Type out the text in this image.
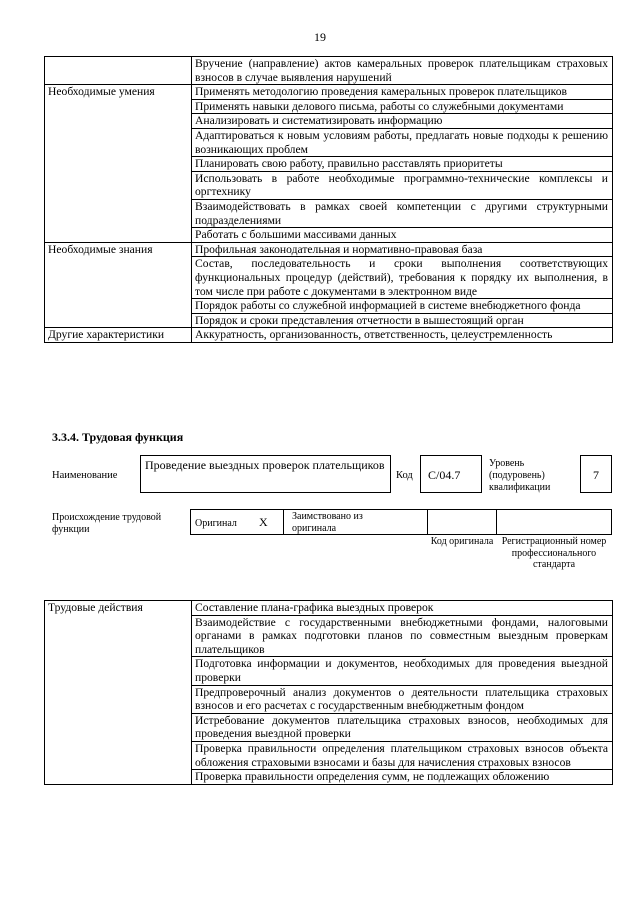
19
	Вручение (направление) актов камеральных проверок плательщикам страховых взносов в случае выявления нарушений
Необходимые умения	Применять методологию проведения камеральных проверок плательщиков
	Применять навыки делового письма, работы со служебными документами
	Анализировать и систематизировать информацию
	Адаптироваться к новым условиям работы, предлагать новые подходы к решению возникающих проблем
	Планировать свою работу, правильно расставлять приоритеты
	Использовать в работе необходимые программно-технические комплексы и оргтехнику
	Взаимодействовать в рамках своей компетенции с другими структурными подразделениями
	Работать с большими массивами данных
Необходимые знания	Профильная законодательная и нормативно-правовая база
	Состав, последовательность и сроки выполнения соответствующих функциональных процедур (действий), требования к порядку их выполнения, в том числе при работе с документами в электронном виде
	Порядок работы со служебной информацией в системе внебюджетного фонда
	Порядок и сроки представления отчетности в вышестоящий орган
Другие характеристики	Аккуратность, организованность, ответственность, целеустремленность
3.3.4. Трудовая функция
Наименование
Проведение выездных проверок плательщиков
Код	С/04.7
Уровень (подуровень) квалификации
7
Происхождение трудовой функции	Оригинал X Заимствовано из оригинала
Код оригинала Регистрационный номер профессионального стандарта
Трудовые действия	Составление плана-графика выездных проверок
Взаимодействие с государственными внебюджетными фондами, налоговыми органами в рамках подготовки планов по совместным выездным проверкам плательщиков
Подготовка информации и документов, необходимых для проведения выездной проверки
Предпроверочный анализ документов о деятельности плательщика страховых взносов и его расчетах с государственным внебюджетным фондом
Истребование документов плательщика страховых взносов, необходимых для проведения выездной проверки
Проверка правильности определения плательщиком страховых взносов объекта обложения страховыми взносами и базы для начисления страховых взносов
Проверка правильности определения сумм, не подлежащих обложению
